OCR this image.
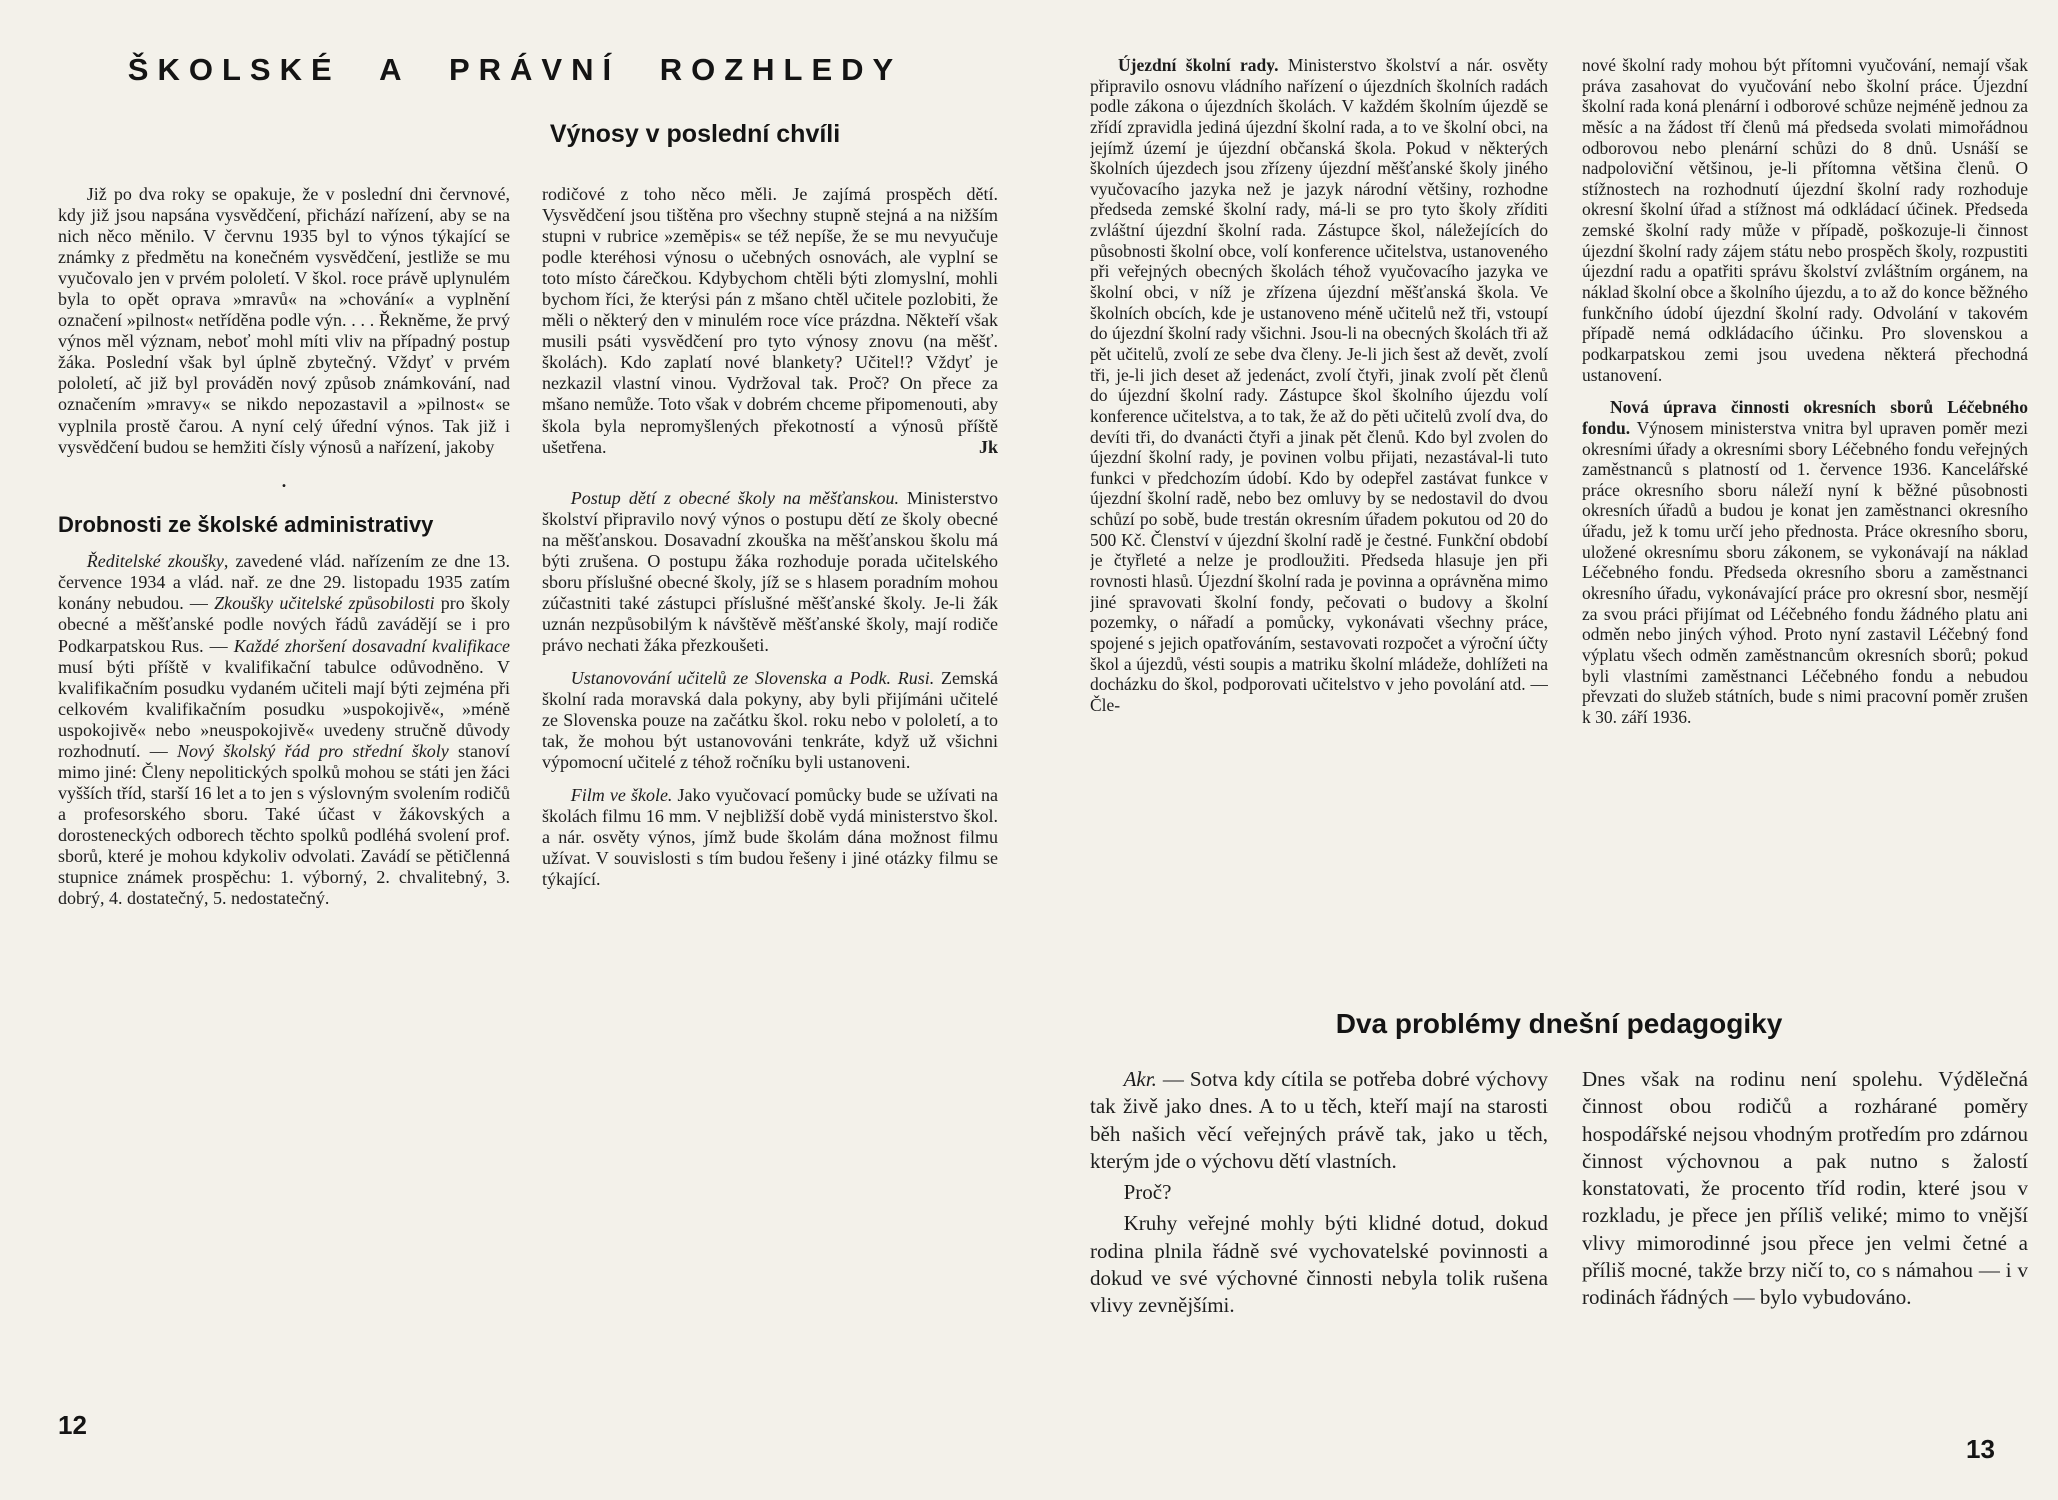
ŠKOLSKÉ A PRÁVNÍ ROZHLEDY
Výnosy v poslední chvíli

Již po dva roky se opakuje, že v poslední dni červnové, kdy již jsou napsána vysvědčení, přichází nařízení, aby se na nich něco měnilo. V červnu 1935 byl to výnos týkající se známky z předmětu na konečném vysvědčení, jestliže se mu vyučovalo jen v prvém pololetí. V škol. roce právě uplynulém byla to opět oprava »mravů« na »chování« a vyplnění označení »pilnost« netříděna podle výn. . . . Řekněme, že prvý výnos měl význam, neboť mohl míti vliv na případný postup žáka. Poslední však byl úplně zbytečný. Vždyť v prvém pololetí, ač již byl prováděn nový způsob známkování, nad označením »mravy« se nikdo nepozastavil a »pilnost« se vyplnila prostě čarou. A nyní celý úřední výnos. Tak již i vysvědčení budou se hemžiti čísly výnosů a nařízení, jakoby

.
Drobnosti ze školské administrativy

Ředitelské zkoušky, zavedené vlád. nařízením ze dne 13. července 1934 a vlád. nař. ze dne 29. listopadu 1935 zatím konány nebudou. — Zkoušky učitelské způsobilosti pro školy obecné a měšťanské podle nových řádů zavádějí se i pro Podkarpatskou Rus. — Každé zhoršení dosavadní kvalifikace musí býti příště v kvalifikační tabulce odůvodněno. V kvalifikačním posudku vydaném učiteli mají býti zejména při celkovém kvalifikačním posudku »uspokojivě«, »méně uspokojivě« nebo »neuspokojivě« uvedeny stručně důvody rozhodnutí. — Nový školský řád pro střední školy stanoví mimo jiné: Členy nepolitických spolků mohou se státi jen žáci vyšších tříd, starší 16 let a to jen s výslovným svolením rodičů a profesorského sboru. Také účast v žákovských a dorosteneckých odborech těchto spolků podléhá svolení prof. sborů, které je mohou kdykoliv odvolati. Zavádí se pětičlenná stupnice známek prospěchu: 1. výborný, 2. chvalitebný, 3. dobrý, 4. dostatečný, 5. nedostatečný.

rodičové z toho něco měli. Je zajímá prospěch dětí. Vysvědčení jsou tištěna pro všechny stupně stejná a na nižším stupni v rubrice »zeměpis« se též nepíše, že se mu nevyučuje podle kteréhosi výnosu o učebných osnovách, ale vyplní se toto místo čárečkou. Kdybychom chtěli býti zlomyslní, mohli bychom říci, že kterýsi pán z mšano chtěl učitele pozlobiti, že měli o některý den v minulém roce více prázdna. Někteří však musili psáti vysvědčení pro tyto výnosy znovu (na měšť. školách). Kdo zaplatí nové blankety? Učitel!? Vždyť je nezkazil vlastní vinou. Vydržoval tak. Proč? On přece za mšano nemůže. Toto však v dobrém chceme připomenouti, aby škola byla nepromyšlených překotností a výnosů příště ušetřena.	Jk

Postup dětí z obecné školy na měšťanskou. Ministerstvo školství připravilo nový výnos o postupu dětí ze školy obecné na měšťanskou. Dosavadní zkouška na měšťanskou školu má býti zrušena. O postupu žáka rozhoduje porada učitelského sboru příslušné obecné školy, jíž se s hlasem poradním mohou zúčastniti také zástupci příslušné měšťanské školy. Je-li žák uznán nezpůsobilým k návštěvě měšťanské školy, mají rodiče právo nechati žáka přezkoušeti.

Ustanovování učitelů ze Slovenska a Podk. Rusi. Zemská školní rada moravská dala pokyny, aby byli přijímáni učitelé ze Slovenska pouze na začátku škol. roku nebo v pololetí, a to tak, že mohou být ustanovováni tenkráte, když už všichni výpomocní učitelé z téhož ročníku byli ustanoveni.

Film ve škole. Jako vyučovací pomůcky bude se užívati na školách filmu 16 mm. V nejbližší době vydá ministerstvo škol. a nár. osvěty výnos, jímž bude školám dána možnost filmu užívat. V souvislosti s tím budou řešeny i jiné otázky filmu se týkající.

12

Újezdní školní rady. Ministerstvo školství a nár. osvěty připravilo osnovu vládního nařízení o újezdních školních radách podle zákona o újezdních školách. V každém školním újezdě se zřídí zpravidla jediná újezdní školní rada, a to ve školní obci, na jejímž území je újezdní občanská škola. Pokud v některých školních újezdech jsou zřízeny újezdní měšťanské školy jiného vyučovacího jazyka než je jazyk národní většiny, rozhodne předseda zemské školní rady, má-li se pro tyto školy zříditi zvláštní újezdní školní rada. Zástupce škol, náležejících do působnosti školní obce, volí konference učitelstva, ustanoveného při veřejných obecných školách téhož vyučovacího jazyka ve školní obci, v níž je zřízena újezdní měšťanská škola. Ve školních obcích, kde je ustanoveno méně učitelů než tři, vstoupí do újezdní školní rady všichni. Jsou-li na obecných školách tři až pět učitelů, zvolí ze sebe dva členy. Je-li jich šest až devět, zvolí tři, je-li jich deset až jedenáct, zvolí čtyři, jinak zvolí pět členů do újezdní školní rady. Zástupce škol školního újezdu volí konference učitelstva, a to tak, že až do pěti učitelů zvolí dva, do devíti tři, do dvanácti čtyři a jinak pět členů. Kdo byl zvolen do újezdní školní rady, je povinen volbu přijati, nezastával-li tuto funkci v předchozím údobí. Kdo by odepřel zastávat funkce v újezdní školní radě, nebo bez omluvy by se nedostavil do dvou schůzí po sobě, bude trestán okresním úřadem pokutou od 20 do 500 Kč. Členství v újezdní školní radě je čestné. Funkční období je čtyřleté a nelze je prodloužiti. Předseda hlasuje jen při rovnosti hlasů. Újezdní školní rada je povinna a oprávněna mimo jiné spravovati školní fondy, pečovati o budovy a školní pozemky, o nářadí a pomůcky, vykonávati všechny práce, spojené s jejich opatřováním, sestavovati rozpočet a výroční účty škol a újezdů, vésti soupis a matriku školní mládeže, dohlížeti na docházku do škol, podporovati učitelstvo v jeho povolání atd. — Čle-

nové školní rady mohou být přítomni vyučování, nemají však práva zasahovat do vyučování nebo školní práce. Újezdní školní rada koná plenární i odborové schůze nejméně jednou za měsíc a na žádost tří členů má předseda svolati mimořádnou odborovou nebo plenární schůzi do 8 dnů. Usnáší se nadpoloviční většinou, je-li přítomna většina členů. O stížnostech na rozhodnutí újezdní školní rady rozhoduje okresní školní úřad a stížnost má odkládací účinek. Předseda zemské školní rady může v případě, poškozuje-li činnost újezdní školní rady zájem státu nebo prospěch školy, rozpustiti újezdní radu a opatřiti správu školství zvláštním orgánem, na náklad školní obce a školního újezdu, a to až do konce běžného funkčního údobí újezdní školní rady. Odvolání v takovém případě nemá odkládacího účinku. Pro slovenskou a podkarpatskou zemi jsou uvedena některá přechodná ustanovení.

Nová úprava činnosti okresních sborů Léčebného fondu. Výnosem ministerstva vnitra byl upraven poměr mezi okresními úřady a okresními sbory Léčebného fondu veřejných zaměstnanců s platností od 1. července 1936. Kancelářské práce okresního sboru náleží nyní k běžné působnosti okresních úřadů a budou je konat jen zaměstnanci okresního úřadu, jež k tomu určí jeho přednosta. Práce okresního sboru, uložené okresnímu sboru zákonem, se vykonávají na náklad Léčebného fondu. Předseda okresního sboru a zaměstnanci okresního úřadu, vykonávající práce pro okresní sbor, nesmějí za svou práci přijímat od Léčebného fondu žádného platu ani odměn nebo jiných výhod. Proto nyní zastavil Léčebný fond výplatu všech odměn zaměstnancům okresních sborů; pokud byli vlastními zaměstnanci Léčebného fondu a nebudou převzati do služeb státních, bude s nimi pracovní poměr zrušen k 30. září 1936.

Dva problémy dnešní pedagogiky

Akr. — Sotva kdy cítila se potřeba dobré výchovy tak živě jako dnes. A to u těch, kteří mají na starosti běh našich věcí veřejných právě tak, jako u těch, kterým jde o výchovu dětí vlastních.

Proč?

Kruhy veřejné mohly býti klidné dotud, dokud rodina plnila řádně své vychovatelské povinnosti a dokud ve své výchovné činnosti nebyla tolik rušena vlivy zevnějšími.

Dnes však na rodinu není spolehu. Výdělečná činnost obou rodičů a rozhárané poměry hospodářské nejsou vhodným protředím pro zdárnou činnost výchovnou a pak nutno s žalostí konstatovati, že procento tříd rodin, které jsou v rozkladu, je přece jen příliš veliké; mimo to vnější vlivy mimorodinné jsou přece jen velmi četné a příliš mocné, takže brzy ničí to, co s námahou — i v rodinách řádných — bylo vybudováno.

13
